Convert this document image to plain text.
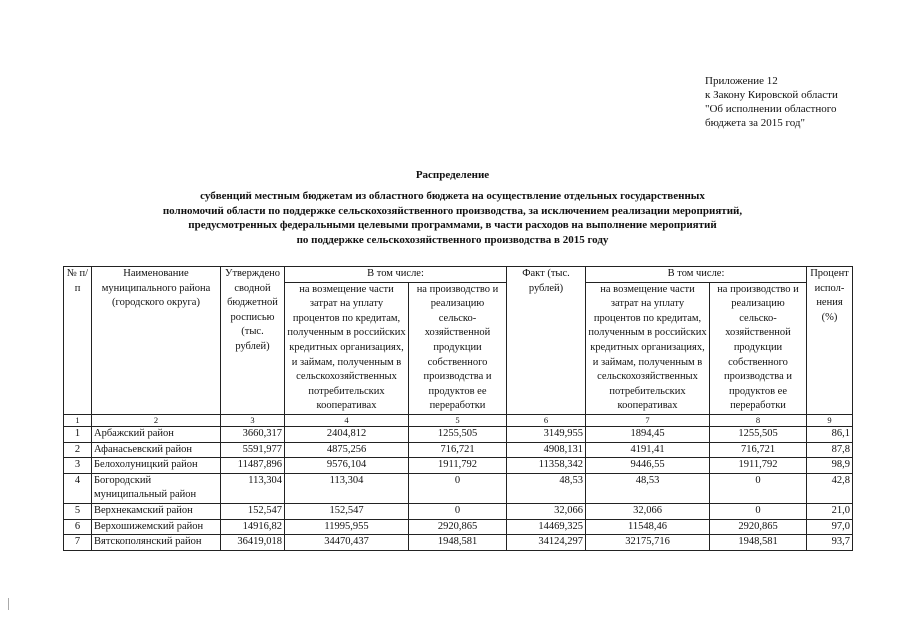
Приложение 12
к Закону Кировской области
"Об исполнении областного
бюджета за 2015 год"
Распределение
субвенций местным бюджетам из областного бюджета на осуществление отдельных государственных
полномочий области по поддержке сельскохозяйственного производства, за исключением реализации мероприятий,
предусмотренных федеральными целевыми программами, в части расходов на выполнение мероприятий
по поддержке сельскохозяйственного производства в 2015 году
№ п/п	Наименование муниципального района (городского округа)	Утверждено сводной бюджетной росписью (тыс. рублей)	В том числе:		Факт (тыс. рублей)	В том числе:		Процент испол- нения (%)
			на возмещение части затрат на уплату процентов по кредитам, полученным в российских кредитных организациях, и займам, полученным в сельскохозяйственных потребительских кооперативах	на производство и реализацию сельско- хозяйственной продукции собственного производства и продуктов ее переработки		на возмещение части затрат на уплату процентов по кредитам, полученным в российских кредитных организациях, и займам, полученным в сельскохозяйственных потребительских кооперативах	на производство и реализацию сельско- хозяйственной продукции собственного производства и продуктов ее переработки	
1	2	3	4	5	6	7	8	9
1	Арбажский район	3660,317	2404,812	1255,505	3149,955	1894,45	1255,505	86,1
2	Афанасьевский район	5591,977	4875,256	716,721	4908,131	4191,41	716,721	87,8
3	Белохолуницкий район	11487,896	9576,104	1911,792	11358,342	9446,55	1911,792	98,9
4	Богородский муниципальный район	113,304	113,304	0	48,53	48,53	0	42,8
5	Верхнекамский район	152,547	152,547	0	32,066	32,066	0	21,0
6	Верхошижемский район	14916,82	11995,955	2920,865	14469,325	11548,46	2920,865	97,0
7	Вятскополянский район	36419,018	34470,437	1948,581	34124,297	32175,716	1948,581	93,7
